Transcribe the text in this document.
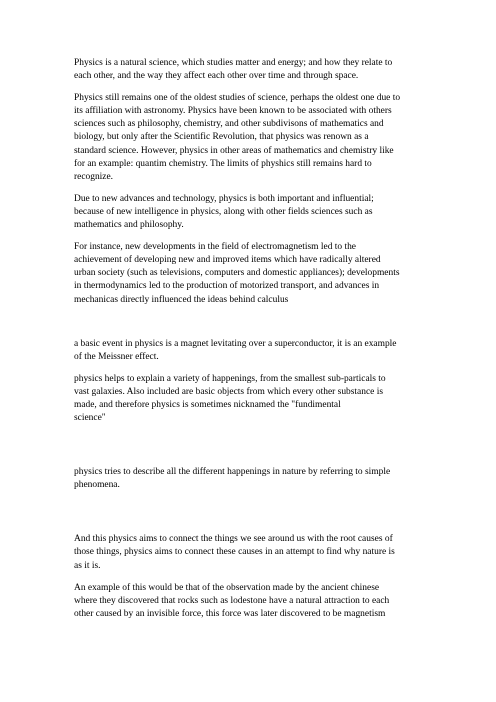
Physics is a natural science, which studies matter and energy; and how they relate to
each other, and the way they affect each other over time and through space.

Physics still remains one of the oldest studies of science, perhaps the oldest one due to
its affiliation with astronomy. Physics have been known to be associated with others
sciences such as philosophy, chemistry, and other subdivisons of mathematics and
biology, but only after the Scientific Revolution, that physics was renown as a
standard science. However, physics in other areas of mathematics and chemistry like
for an example: quantim chemistry. The limits of physhics still remains hard to
recognize.

Due to new advances and technology, physics is both important and influential;
because of new intelligence in physics, along with other fields sciences such as
mathematics and philosophy.

For instance, new developments in the field of electromagnetism led to the
achievement of developing new and improved items which have radically altered
urban society (such as televisions, computers and domestic appliances); developments
in thermodynamics led to the production of motorized transport, and advances in
mechanicas directly influenced the ideas behind calculus

a basic event in physics is a magnet levitating over a superconductor, it is an example
of the Meissner effect.

physics helps to explain a variety of happenings, from the smallest sub-particals to
vast galaxies. Also included are basic objects from which every other substance is
made, and therefore physics is sometimes nicknamed the "fundimental
science"

physics tries to describe all the different happenings in nature by referring to simple
phenomena.

And this physics aims to connect the things we see around us with the root causes of
those things, physics aims to connect these causes in an attempt to find why nature is
as it is.

An example of this would be that of the observation made by the ancient chinese
where they discovered that rocks such as lodestone have a natural attraction to each
other caused by an invisible force, this force was later discovered to be magnetism
